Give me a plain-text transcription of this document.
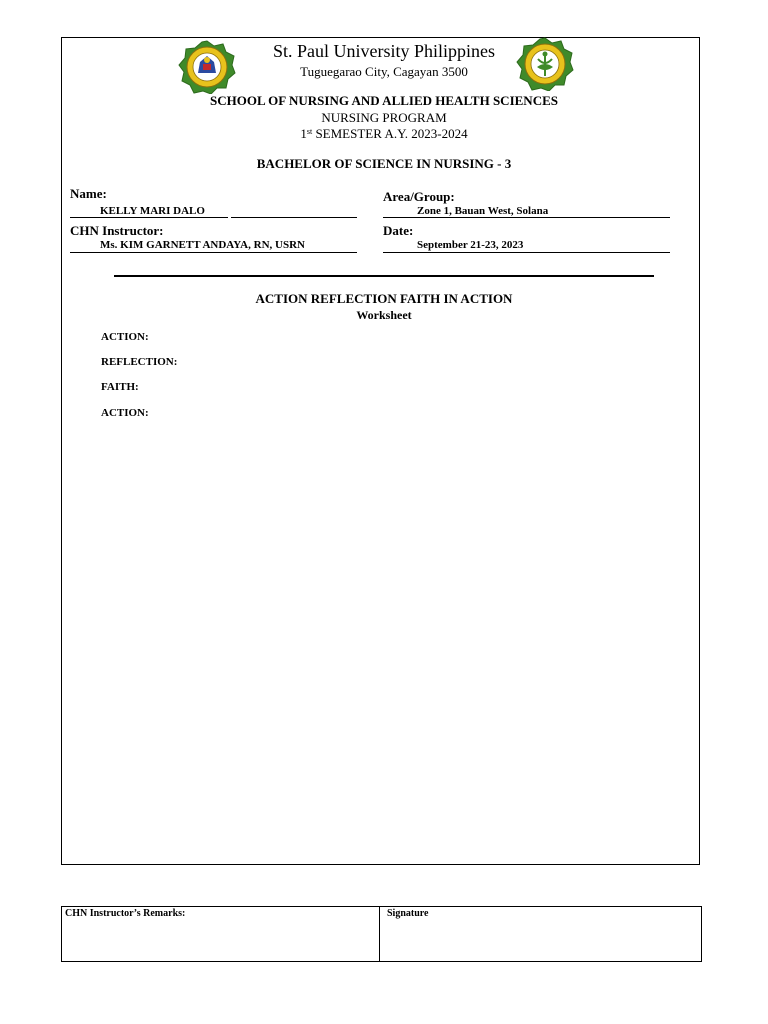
St. Paul University Philippines
Tuguegarao City, Cagayan 3500
SCHOOL OF NURSING AND ALLIED HEALTH SCIENCES
NURSING PROGRAM
1st SEMESTER A.Y. 2023-2024
BACHELOR OF SCIENCE IN NURSING - 3
Name:
KELLY MARI DALO
Area/Group:
Zone 1, Bauan West, Solana
CHN Instructor:
Ms. KIM GARNETT ANDAYA, RN, USRN
Date:
September 21-23, 2023
ACTION REFLECTION FAITH IN ACTION
Worksheet
ACTION:
REFLECTION:
FAITH:
ACTION:
CHN Instructor’s Remarks:	Signature
